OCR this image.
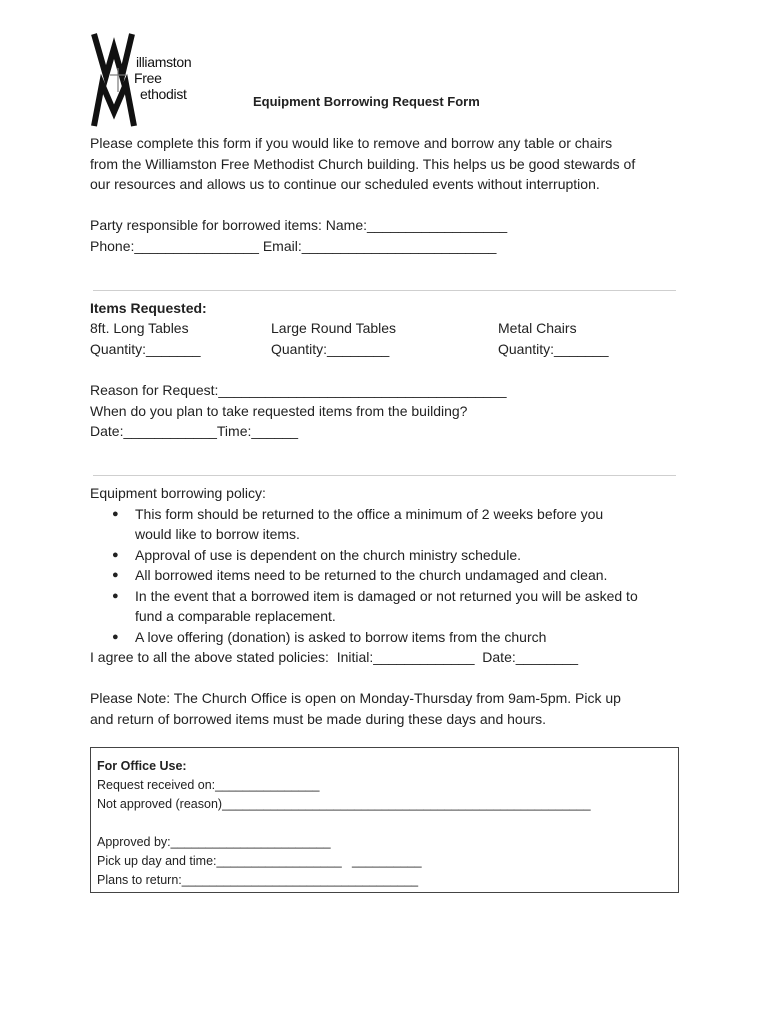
illiamston
Free
ethodist	Equipment Borrowing Request Form
Please complete this form if you would like to remove and borrow any table or chairs
from the Williamston Free Methodist Church building. This helps us be good stewards of
our resources and allows us to continue our scheduled events without interruption.
Party responsible for borrowed items: Name:__________________
Phone:________________ Email:_________________________
Items Requested:
8ft. Long Tables
Quantity:_______
Large Round Tables
Quantity:________
Metal Chairs
Quantity:_______
Reason for Request:_____________________________________
When do you plan to take requested items from the building?
Date:____________Time:______
Equipment borrowing policy:
● This form should be returned to the office a minimum of 2 weeks before you
would like to borrow items.
● Approval of use is dependent on the church ministry schedule.
● All borrowed items need to be returned to the church undamaged and clean.
● In the event that a borrowed item is damaged or not returned you will be asked to
fund a comparable replacement.
● A love offering (donation) is asked to borrow items from the church
I agree to all the above stated policies:  Initial:_____________  Date:________
Please Note: The Church Office is open on Monday-Thursday from 9am-5pm. Pick up
and return of borrowed items must be made during these days and hours.
For Office Use:
Request received on:_______________
Not approved (reason)_____________________________________________________
Approved by:_______________________
Pick up day and time:__________________   __________
Plans to return:__________________________________
